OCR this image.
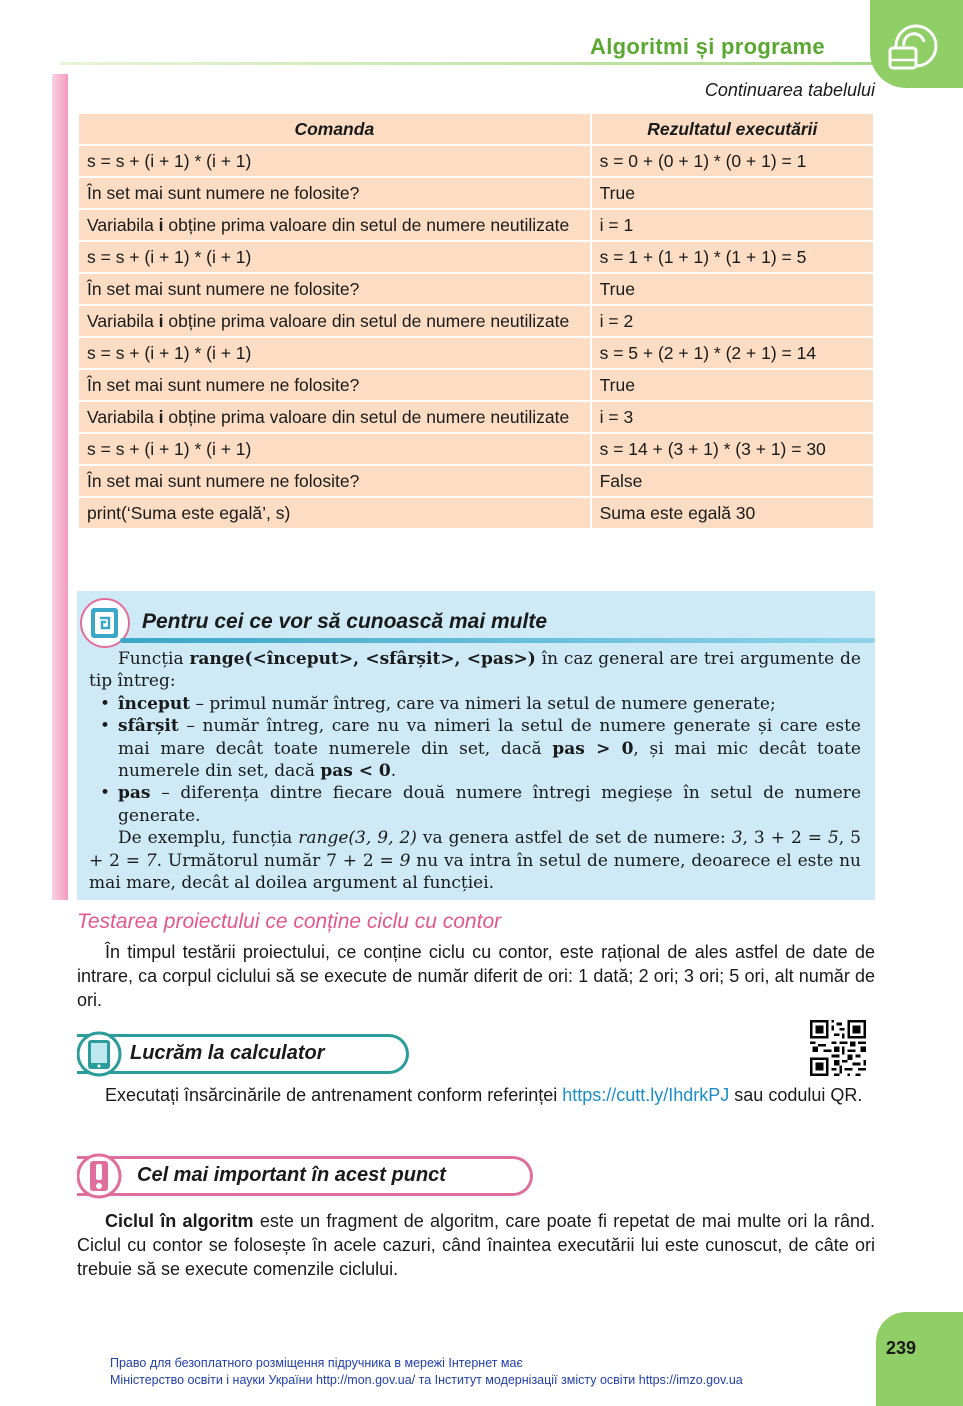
Algoritmi și programe
Continuarea tabelului
Comanda	Rezultatul executării
s = s + (i + 1) * (i + 1)	s = 0 + (0 + 1) * (0 + 1) = 1
În set mai sunt numere ne folosite?	True
Variabila i obține prima valoare din setul de numere neutilizate	i = 1
s = s + (i + 1) * (i + 1)	s = 1 + (1 + 1) * (1 + 1) = 5
În set mai sunt numere ne folosite?	True
Variabila i obține prima valoare din setul de numere neutilizate	i = 2
s = s + (i + 1) * (i + 1)	s = 5 + (2 + 1) * (2 + 1) = 14
În set mai sunt numere ne folosite?	True
Variabila i obține prima valoare din setul de numere neutilizate	i = 3
s = s + (i + 1) * (i + 1)	s = 14 + (3 + 1) * (3 + 1) = 30
În set mai sunt numere ne folosite?	False
print(‘Suma este egală’, s)	Suma este egală 30
Pentru cei ce vor să cunoască mai multe

Funcția range(<început>, <sfârșit>, <pas>) în caz general are trei argumente de tip întreg:

• început – primul număr întreg, care va nimeri la setul de numere generate;
• sfârșit – număr întreg, care nu va nimeri la setul de numere generate și care este mai mare decât toate numerele din set, dacă pas > 0, și mai mic decât toate numerele din set, dacă pas < 0.
• pas – diferența dintre fiecare două numere întregi megieșe în setul de numere generate.

De exemplu, funcția range(3, 9, 2) va genera astfel de set de numere: 3, 3 + 2 = 5, 5 + 2 = 7. Următorul număr 7 + 2 = 9 nu va intra în setul de numere, deoarece el este nu mai mare, decât al doilea argument al funcției.

Testarea proiectului ce conține ciclu cu contor

În timpul testării proiectului, ce conține ciclu cu contor, este rațional de ales astfel de date de intrare, ca corpul ciclului să se execute de număr diferit de ori: 1 dată; 2 ori; 3 ori; 5 ori, alt număr de ori.

Lucrăm la calculator

Executați însărcinările de antrenament conform referinței https://cutt.ly/IhdrkPJ sau codului QR.

Cel mai important în acest punct

Ciclul în algoritm este un fragment de algoritm, care poate fi repetat de mai multe ori la rând. Ciclul cu contor se folosește în acele cazuri, când înaintea executării lui este cunoscut, de câte ori trebuie să se execute comenzile ciclului.

239
Право для безоплатного розміщення підручника в мережі Інтернет має
Міністерство освіти і науки України http://mon.gov.ua/ та Інститут модернізації змісту освіти https://imzo.gov.ua
